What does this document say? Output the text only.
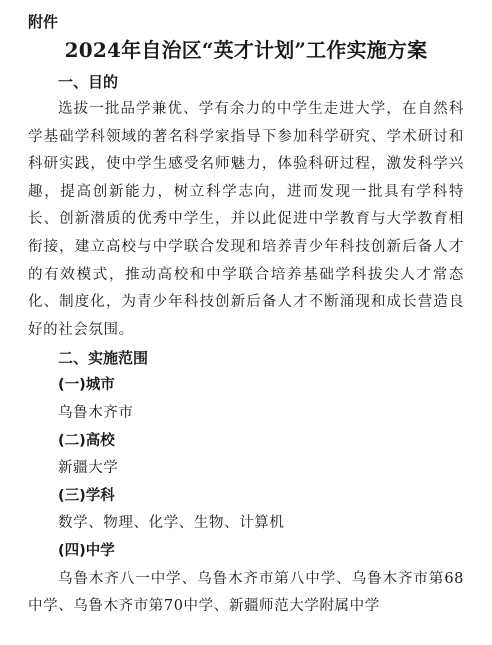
附件
2024年自治区“英才计划”工作实施方案
一、目的

选拔一批品学兼优、学有余力的中学生走进大学，在自然科学基础学科领域的著名科学家指导下参加科学研究、学术研讨和科研实践，使中学生感受名师魅力，体验科研过程，激发科学兴趣，提高创新能力，树立科学志向，进而发现一批具有学科特长、创新潜质的优秀中学生，并以此促进中学教育与大学教育相衔接，建立高校与中学联合发现和培养青少年科技创新后备人才的有效模式，推动高校和中学联合培养基础学科拔尖人才常态化、制度化，为青少年科技创新后备人才不断涌现和成长营造良好的社会氛围。

二、实施范围
(一)城市
乌鲁木齐市
(二)高校
新疆大学
(三)学科
数学、物理、化学、生物、计算机
(四)中学

乌鲁木齐八一中学、乌鲁木齐市第八中学、乌鲁木齐市第68中学、乌鲁木齐市第70中学、新疆师范大学附属中学
